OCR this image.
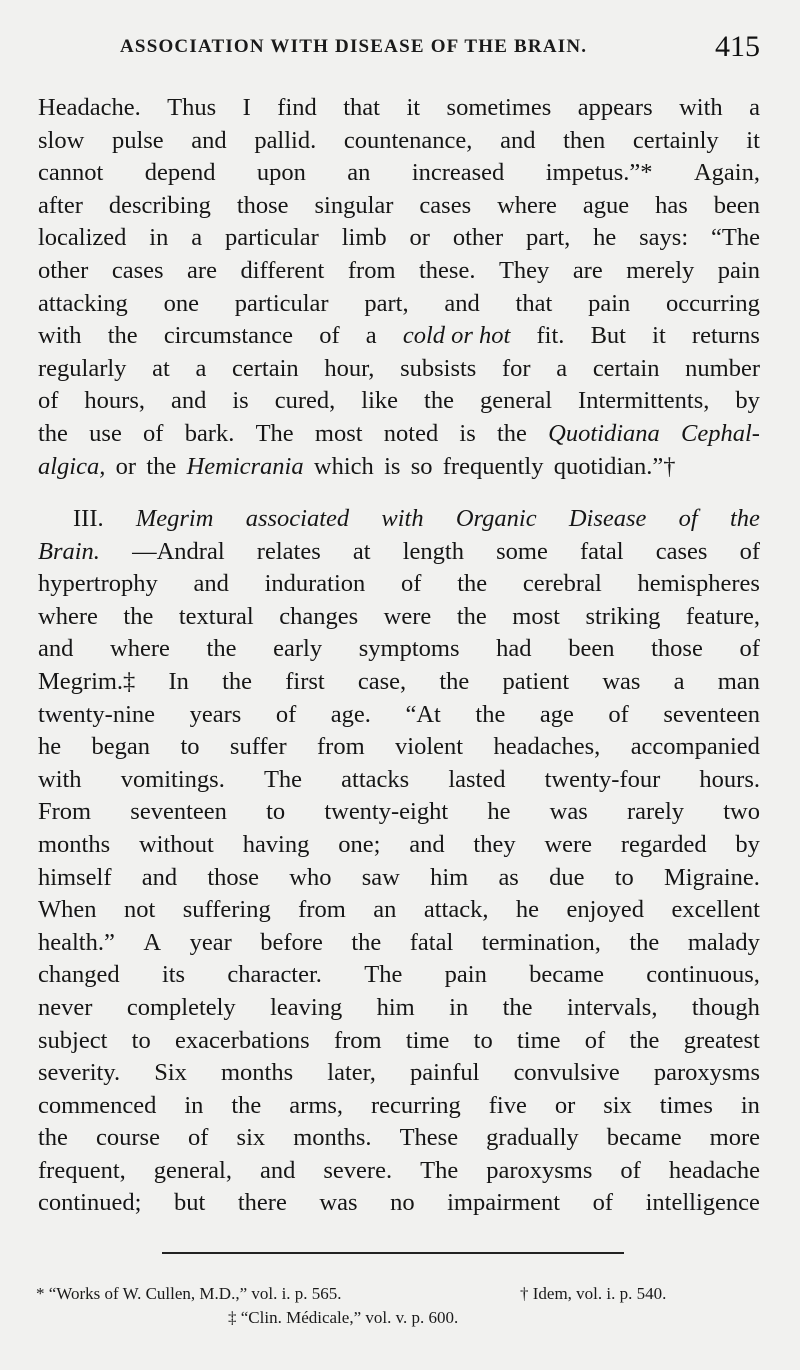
ASSOCIATION WITH DISEASE OF THE BRAIN.	415
Headache. Thus I find that it sometimes appears with a
slow pulse and pallid. countenance, and then certainly it
cannot depend upon an increased impetus.”* Again,
after describing those singular cases where ague has been
localized in a particular limb or other part, he says: “The
other cases are different from these. They are merely pain
attacking one particular part, and that pain occurring
with the circumstance of a cold or hot fit. But it returns
regularly at a certain hour, subsists for a certain number
of hours, and is cured, like the general Intermittents, by
the use of bark. The most noted is the Quotidiana Cephal-
algica, or the Hemicrania which is so frequently quotidian.”†
III. Megrim associated with Organic Disease of the
Brain. —Andral relates at length some fatal cases of
hypertrophy and induration of the cerebral hemispheres
where the textural changes were the most striking feature,
and where the early symptoms had been those of
Megrim.‡ In the first case, the patient was a man
twenty-nine years of age. “At the age of seventeen
he began to suffer from violent headaches, accompanied
with vomitings. The attacks lasted twenty-four hours.
From seventeen to twenty-eight he was rarely two
months without having one; and they were regarded by
himself and those who saw him as due to Migraine.
When not suffering from an attack, he enjoyed excellent
health.” A year before the fatal termination, the malady
changed its character. The pain became continuous,
never completely leaving him in the intervals, though
subject to exacerbations from time to time of the greatest
severity. Six months later, painful convulsive paroxysms
commenced in the arms, recurring five or six times in
the course of six months. These gradually became more
frequent, general, and severe. The paroxysms of headache
continued; but there was no impairment of intelligence
* “Works of W. Cullen, M.D.,” vol. i. p. 565.	† Idem, vol. i. p. 540.
‡ “Clin. Médicale,” vol. v. p. 600.
